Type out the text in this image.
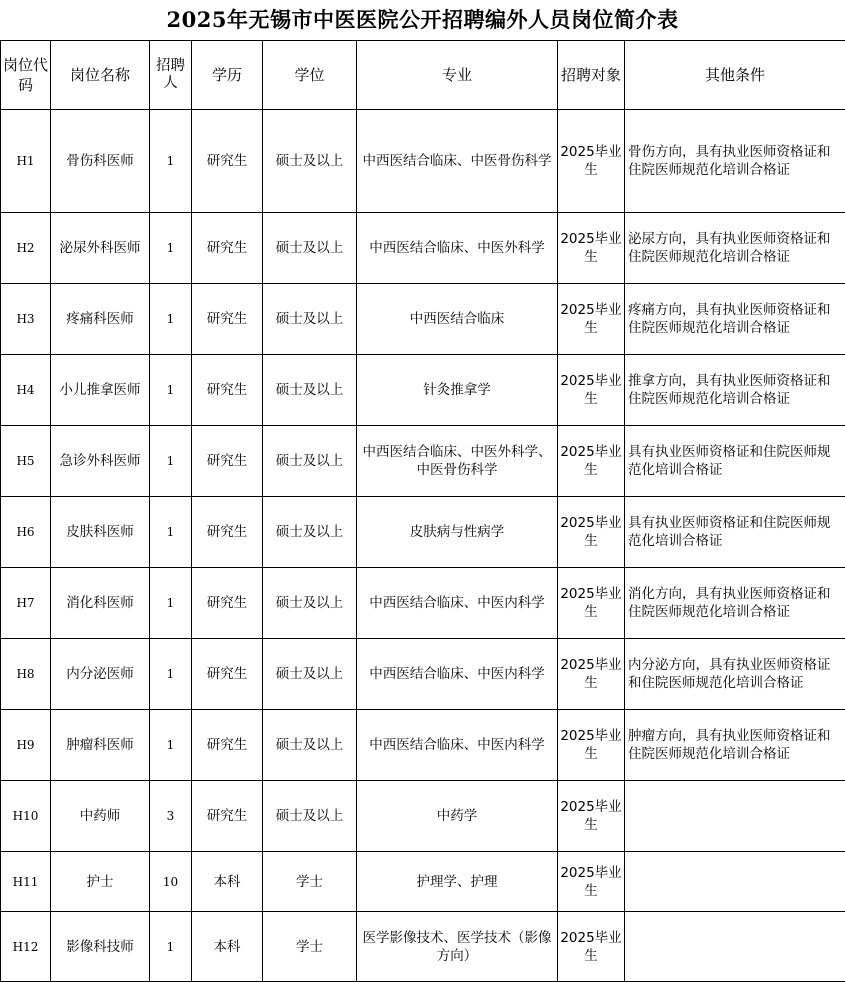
2025年无锡市中医医院公开招聘编外人员岗位简介表
岗位代码	岗位名称	招聘人	学历	学位	专业	招聘对象	其他条件
H1	骨伤科医师	1	研究生	硕士及以上	中西医结合临床、中医骨伤科学	2025毕业生	骨伤方向，具有执业医师资格证和住院医师规范化培训合格证
H2	泌尿外科医师	1	研究生	硕士及以上	中西医结合临床、中医外科学	2025毕业生	泌尿方向，具有执业医师资格证和住院医师规范化培训合格证
H3	疼痛科医师	1	研究生	硕士及以上	中西医结合临床	2025毕业生	疼痛方向，具有执业医师资格证和住院医师规范化培训合格证
H4	小儿推拿医师	1	研究生	硕士及以上	针灸推拿学	2025毕业生	推拿方向，具有执业医师资格证和住院医师规范化培训合格证
H5	急诊外科医师	1	研究生	硕士及以上	中西医结合临床、中医外科学、中医骨伤科学	2025毕业生	具有执业医师资格证和住院医师规范化培训合格证
H6	皮肤科医师	1	研究生	硕士及以上	皮肤病与性病学	2025毕业生	具有执业医师资格证和住院医师规范化培训合格证
H7	消化科医师	1	研究生	硕士及以上	中西医结合临床、中医内科学	2025毕业生	消化方向，具有执业医师资格证和住院医师规范化培训合格证
H8	内分泌医师	1	研究生	硕士及以上	中西医结合临床、中医内科学	2025毕业生	内分泌方向，具有执业医师资格证和住院医师规范化培训合格证
H9	肿瘤科医师	1	研究生	硕士及以上	中西医结合临床、中医内科学	2025毕业生	肿瘤方向，具有执业医师资格证和住院医师规范化培训合格证
H10	中药师	3	研究生	硕士及以上	中药学	2025毕业生	
H11	护士	10	本科	学士	护理学、护理	2025毕业生	
H12	影像科技师	1	本科	学士	医学影像技术、医学技术（影像方向）	2025毕业生	
